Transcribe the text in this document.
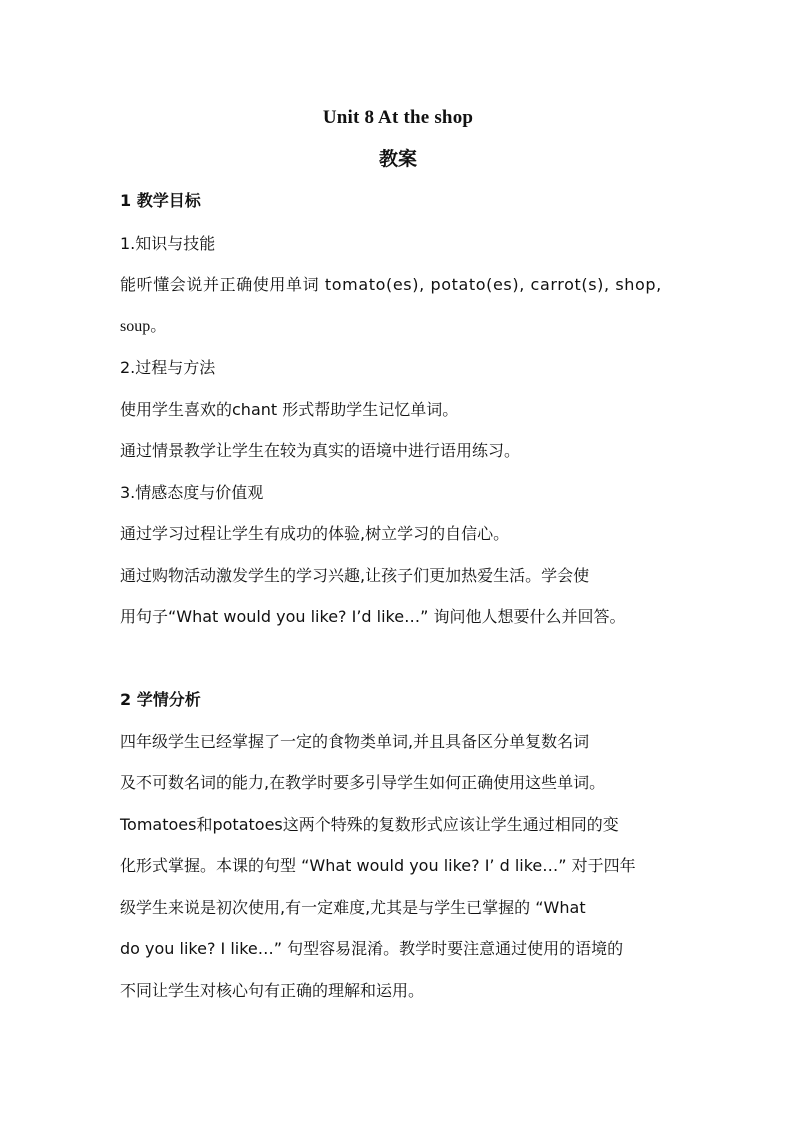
Unit 8 At the shop
教案
1 教学目标
1.知识与技能
能听懂会说并正确使用单词 tomato(es), potato(es), carrot(s), shop,
soup。
2.过程与方法
使用学生喜欢的chant 形式帮助学生记忆单词。
通过情景教学让学生在较为真实的语境中进行语用练习。
3.情感态度与价值观
通过学习过程让学生有成功的体验,树立学习的自信心。
通过购物活动激发学生的学习兴趣,让孩子们更加热爱生活。学会使
用句子“What would you like? I’d like…” 询问他人想要什么并回答。
2 学情分析
四年级学生已经掌握了一定的食物类单词,并且具备区分单复数名词
及不可数名词的能力,在教学时要多引导学生如何正确使用这些单词。
Tomatoes和potatoes这两个特殊的复数形式应该让学生通过相同的变
化形式掌握。本课的句型 “What would you like? I’ d like…” 对于四年
级学生来说是初次使用,有一定难度,尤其是与学生已掌握的 “What
do you like? I like…” 句型容易混淆。教学时要注意通过使用的语境的
不同让学生对核心句有正确的理解和运用。
